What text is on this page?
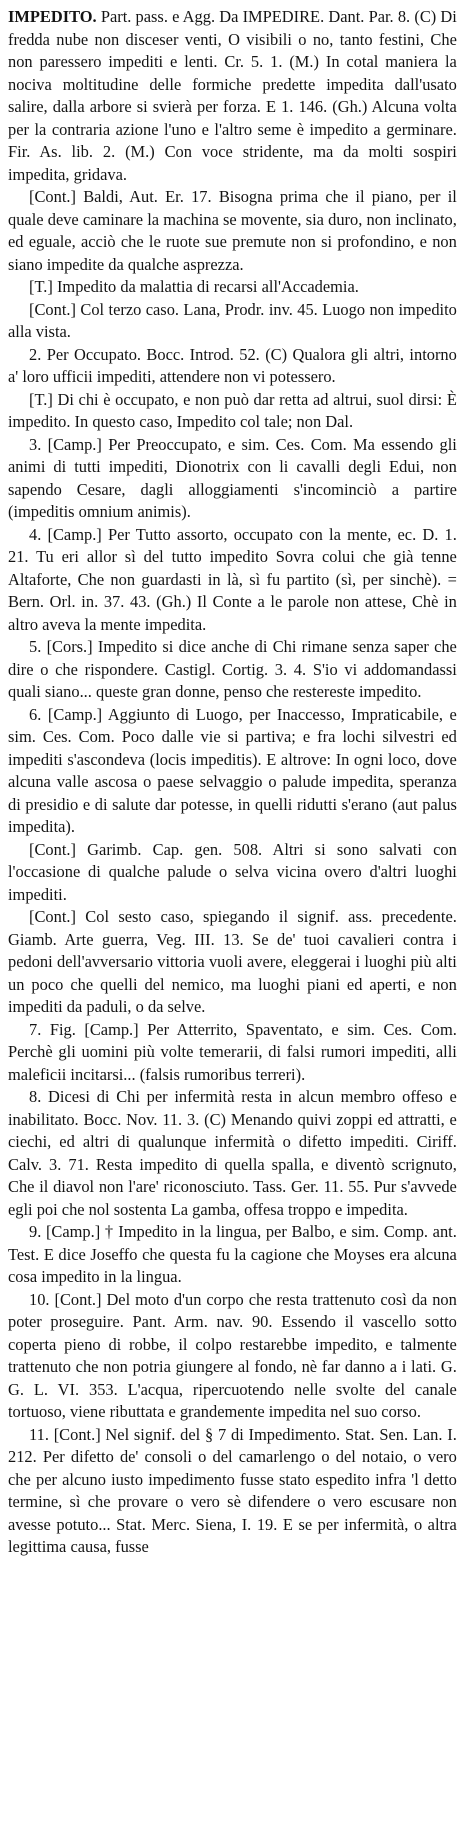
IMPEDITO. Part. pass. e Agg. Da IMPEDIRE. Dant. Par. 8. (C) Di fredda nube non disceser venti, O visibili o no, tanto festini, Che non paressero impediti e lenti. Cr. 5. 1. (M.) In cotal maniera la nociva moltitudine delle formiche predette impedita dall'usato salire, dalla arbore si svierà per forza. E 1. 146. (Gh.) Alcuna volta per la contraria azione l'uno e l'altro seme è impedito a germinare. Fir. As. lib. 2. (M.) Con voce stridente, ma da molti sospiri impedita, gridava.

[Cont.] Baldi, Aut. Er. 17. Bisogna prima che il piano, per il quale deve caminare la machina se movente, sia duro, non inclinato, ed eguale, acciò che le ruote sue premute non si profondino, e non siano impedite da qualche asprezza.

[T.] Impedito da malattia di recarsi all'Accademia.

[Cont.] Col terzo caso. Lana, Prodr. inv. 45. Luogo non impedito alla vista.

2. Per Occupato. Bocc. Introd. 52. (C) Qualora gli altri, intorno a' loro ufficii impediti, attendere non vi potessero.

[T.] Di chi è occupato, e non può dar retta ad altrui, suol dirsi: È impedito. In questo caso, Impedito col tale; non Dal.

3. [Camp.] Per Preoccupato, e sim. Ces. Com. Ma essendo gli animi di tutti impediti, Dionotrix con li cavalli degli Edui, non sapendo Cesare, dagli alloggiamenti s'incominciò a partire (impeditis omnium animis).

4. [Camp.] Per Tutto assorto, occupato con la mente, ec. D. 1. 21. Tu eri allor sì del tutto impedito Sovra colui che già tenne Altaforte, Che non guardasti in là, sì fu partito (sì, per sinchè). = Bern. Orl. in. 37. 43. (Gh.) Il Conte a le parole non attese, Chè in altro aveva la mente impedita.

5. [Cors.] Impedito si dice anche di Chi rimane senza saper che dire o che rispondere. Castigl. Cortig. 3. 4. S'io vi addomandassi quali siano... queste gran donne, penso che restereste impedito.

6. [Camp.] Aggiunto di Luogo, per Inaccesso, Impraticabile, e sim. Ces. Com. Poco dalle vie si partiva; e fra lochi silvestri ed impediti s'ascondeva (locis impeditis). E altrove: In ogni loco, dove alcuna valle ascosa o paese selvaggio o palude impedita, speranza di presidio e di salute dar potesse, in quelli ridutti s'erano (aut palus impedita).

[Cont.] Garimb. Cap. gen. 508. Altri si sono salvati con l'occasione di qualche palude o selva vicina overo d'altri luoghi impediti.

[Cont.] Col sesto caso, spiegando il signif. ass. precedente. Giamb. Arte guerra, Veg. III. 13. Se de' tuoi cavalieri contra i pedoni dell'avversario vittoria vuoli avere, eleggerai i luoghi più alti un poco che quelli del nemico, ma luoghi piani ed aperti, e non impediti da paduli, o da selve.

7. Fig. [Camp.] Per Atterrito, Spaventato, e sim. Ces. Com. Perchè gli uomini più volte temerarii, di falsi rumori impediti, alli maleficii incitarsi... (falsis rumoribus terreri).

8. Dicesi di Chi per infermità resta in alcun membro offeso e inabilitato. Bocc. Nov. 11. 3. (C) Menando quivi zoppi ed attratti, e ciechi, ed altri di qualunque infermità o difetto impediti. Ciriff. Calv. 3. 71. Resta impedito di quella spalla, e diventò scrignuto, Che il diavol non l'are' riconosciuto. Tass. Ger. 11. 55. Pur s'avvede egli poi che nol sostenta La gamba, offesa troppo e impedita.

9. [Camp.] † Impedito in la lingua, per Balbo, e sim. Comp. ant. Test. E dice Joseffo che questa fu la cagione che Moyses era alcuna cosa impedito in la lingua.

10. [Cont.] Del moto d'un corpo che resta trattenuto così da non poter proseguire. Pant. Arm. nav. 90. Essendo il vascello sotto coperta pieno di robbe, il colpo restarebbe impedito, e talmente trattenuto che non potria giungere al fondo, nè far danno a i lati. G. G. L. VI. 353. L'acqua, ripercuotendo nelle svolte del canale tortuoso, viene ributtata e grandemente impedita nel suo corso.

11. [Cont.] Nel signif. del § 7 di Impedimento. Stat. Sen. Lan. I. 212. Per difetto de' consoli o del camarlengo o del notaio, o vero che per alcuno iusto impedimento fusse stato espedito infra 'l detto termine, sì che provare o vero sè difendere o vero escusare non avesse potuto... Stat. Merc. Siena, I. 19. E se per infermità, o altra legittima causa, fusse
